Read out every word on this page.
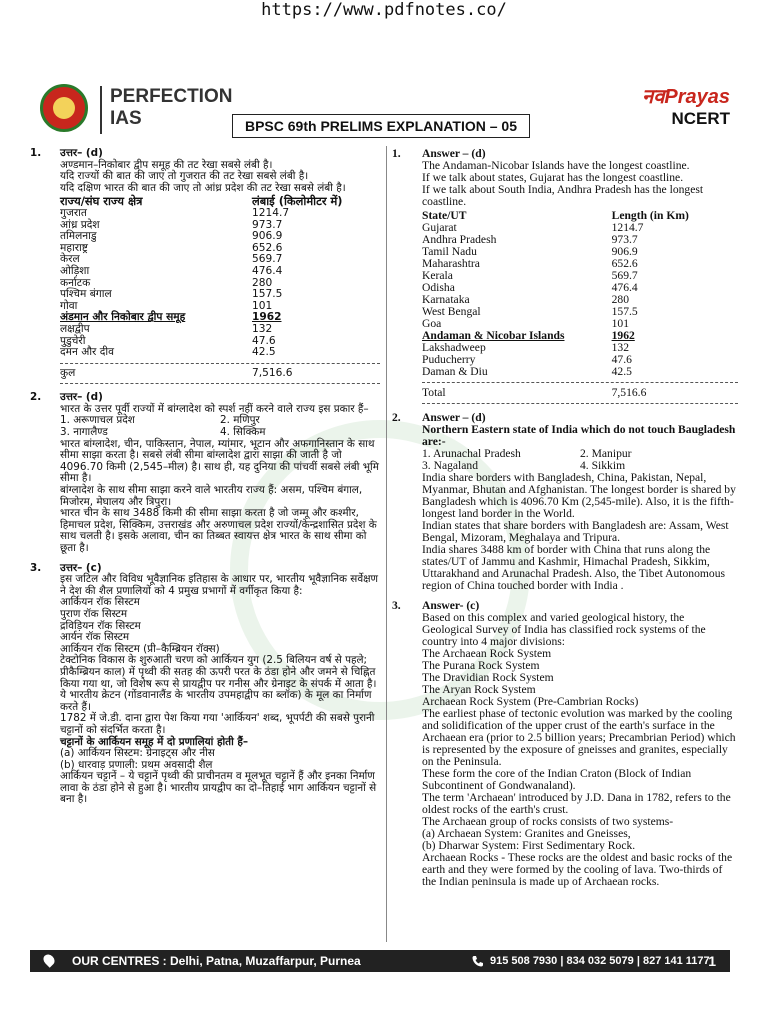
https://www.pdfnotes.co/
PERFECTION
IAS	BPSC 69th PRELIMS EXPLANATION – 05
नवPrayas
NCERT
1. उत्तर– (d)

अण्डमान–निकोबार द्वीप समूह की तट रेखा सबसे लंबी है।

यदि राज्यों की बात की जाए तो गुजरात की तट रेखा सबसे लंबी है।

यदि दक्षिण भारत की बात की जाए तो आंध्र प्रदेश की तट रेखा सबसे लंबी है।

राज्य/संघ राज्य क्षेत्र	लंबाई (किलोमीटर में)
गुजरात	1214.7
आंध्र प्रदेश	973.7
तमिलनाडु	906.9
महाराष्ट्र	652.6
केरल	569.7
ओड़िशा	476.4
कर्नाटक	280
पश्चिम बंगाल	157.5
गोवा	101
अंडमान और निकोबार द्वीप समूह	1962
लक्षद्वीप	132
पुडुचेरी	47.6
दमन और दीव	42.5
कुल	7,516.6
2. उत्तर– (d)

भारत के उत्तर पूर्वी राज्यों में बांग्लादेश को स्पर्श नहीं करने वाले राज्य इस प्रकार हैं–

1. अरूणाचल प्रदेश	2. मणिपुर
3. नागालैण्ड	4. सिक्किम

भारत बांग्लादेश, चीन, पाकिस्तान, नेपाल, म्यांमार, भूटान और अफगानिस्तान के साथ सीमा साझा करता है। सबसे लंबी सीमा बांग्लादेश द्वारा साझा की जाती है जो 4096.70 किमी (2,545–मील) है। साथ ही, यह दुनिया की पांचवीं सबसे लंबी भूमि सीमा है।

बांग्लादेश के साथ सीमा साझा करने वाले भारतीय राज्य हैं: असम, पश्चिम बंगाल, मिजोरम, मेघालय और त्रिपुरा।

भारत चीन के साथ 3488 किमी की सीमा साझा करता है जो जम्मू और कश्मीर, हिमाचल प्रदेश, सिक्किम, उत्तराखंड और अरुणाचल प्रदेश राज्यों/केन्द्रशासित प्रदेश के साथ चलती है। इसके अलावा, चीन का तिब्बत स्वायत्त क्षेत्र भारत के साथ सीमा को छूता है।

3. उत्तर– (c)

इस जटिल और विविध भूवैज्ञानिक इतिहास के आधार पर, भारतीय भूवैज्ञानिक सर्वेक्षण ने देश की शैल प्रणालियों को 4 प्रमुख प्रभागों में वर्गीकृत किया है:

आर्कियन रॉक सिस्टम

पुराण रॉक सिस्टम

द्रविड़ियन रॉक सिस्टम

आर्यन रॉक सिस्टम

आर्कियन रॉक सिस्टम (प्री–कैम्ब्रियन रॉक्स)

टेक्टोनिक विकास के शुरुआती चरण को आर्कियन युग (2.5 बिलियन वर्ष से पहले; प्रीकैम्ब्रियन काल) में पृथ्वी की सतह की ऊपरी परत के ठंडा होने और जमने से चिह्नित किया गया था, जो विशेष रूप से प्रायद्वीप पर गनीस और ग्रेनाइट के संपर्क में आता है।

ये भारतीय क्रेटन (गोंडवानालैंड के भारतीय उपमहाद्वीप का ब्लॉक) के मूल का निर्माण करते हैं।

1782 में जे.डी. दाना द्वारा पेश किया गया 'आर्कियन' शब्द, भूपर्पटी की सबसे पुरानी चट्टानों को संदर्भित करता है।

चट्टानों के आर्कियन समूह में दो प्रणालियां होती हैं–

(a) आर्कियन सिस्टम: ग्रेनाइट्स और नीस

(b) धारवाड़ प्रणाली: प्रथम अवसादी शैल

आर्कियन चट्टानें – ये चट्टानें पृथ्वी की प्राचीनतम व मूलभूत चट्टानें हैं और इनका निर्माण लावा के ठंडा होने से हुआ है। भारतीय प्रायद्वीप का दो–तिहाई भाग आर्कियन चट्टानों से बना है।

1. Answer – (d)

The Andaman-Nicobar Islands have the longest coastline.

If we talk about states, Gujarat has the longest coastline.

If we talk about South India, Andhra Pradesh has the longest coastline.

State/UT	Length (in Km)
Gujarat	1214.7
Andhra Pradesh	973.7
Tamil Nadu	906.9
Maharashtra	652.6
Kerala	569.7
Odisha	476.4
Karnataka	280
West Bengal	157.5
Goa	101
Andaman & Nicobar Islands	1962
Lakshadweep	132
Puducherry	47.6
Daman & Diu	42.5
Total	7,516.6
2. Answer – (d)

Northern Eastern state of India which do not touch Baugladesh are:-

1. Arunachal Pradesh	2. Manipur
3. Nagaland	4. Sikkim

India share borders with Bangladesh, China, Pakistan, Nepal, Myanmar, Bhutan and Afghanistan. The longest border is shared by Bangladesh which is 4096.70 Km (2,545-mile). Also, it is the fifth-longest land border in the World.

Indian states that share borders with Bangladesh are: Assam, West Bengal, Mizoram, Meghalaya and Tripura.

India shares 3488 km of border with China that runs along the states/UT of Jammu and Kashmir, Himachal Pradesh, Sikkim, Uttarakhand and Arunachal Pradesh. Also, the Tibet Autonomous region of China touched border with India .

3. Answer- (c)

Based on this complex and varied geological history, the Geological Survey of India has classified rock systems of the country into 4 major divisions:

The Archaean Rock System

The Purana Rock System

The Dravidian Rock System

The Aryan Rock System

Archaean Rock System (Pre-Cambrian Rocks)

The earliest phase of tectonic evolution was marked by the cooling and solidification of the upper crust of the earth's surface in the Archaean era (prior to 2.5 billion years; Precambrian Period) which is represented by the exposure of gneisses and granites, especially on the Peninsula.

These form the core of the Indian Craton (Block of Indian Subcontinent of Gondwanaland).

The term 'Archaean' introduced by J.D. Dana in 1782, refers to the oldest rocks of the earth's crust.

The Archaean group of rocks consists of two systems-

(a) Archaean System: Granites and Gneisses,

(b) Dharwar System: First Sedimentary Rock.

Archaean Rocks - These rocks are the oldest and basic rocks of the earth and they were formed by the cooling of lava. Two-thirds of the Indian peninsula is made up of Archaean rocks.

OUR CENTRES : Delhi, Patna, Muzaffarpur, Purnea	915 508 7930 | 834 032 5079 | 827 141 1177
1
